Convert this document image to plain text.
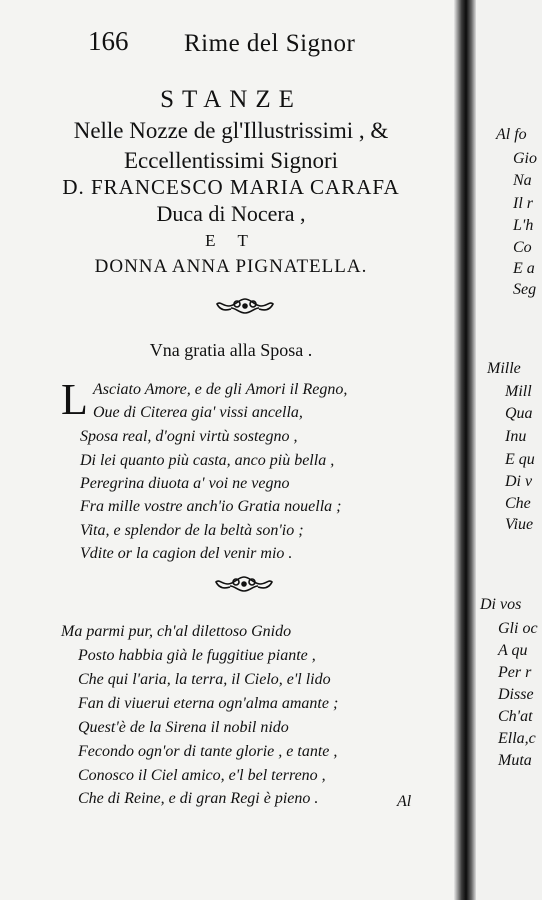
166 Rime del Signor
STANZE
Nelle Nozze de gl'Illustrissimi , &
Eccellentissimi Signori
D. FRANCESCO MARIA CARAFA
Duca di Nocera ,
E T
DONNA ANNA PIGNATELLA.
Vna gratia alla Sposa .
L Asciato Amore, e de gli Amori il Regno,
Oue di Citerea gia' vissi ancella,
Sposa real, d'ogni virtù sostegno ,
Di lei quanto più casta, anco più bella ,
Peregrina diuota a' voi ne vegno
Fra mille vostre anch'io Gratia nouella ;
Vita, e splendor de la beltà son'io ;
Vdite or la cagion del venir mio .
Ma parmi pur, ch'al dilettoso Gnido
Posto habbia già le fuggitiue piante ,
Che qui l'aria, la terra, il Cielo, e'l lido
Fan di viuerui eterna ogn'alma amante ;
Quest'è de la Sirena il nobil nido
Fecondo ogn'or di tante glorie , e tante ,
Conosco il Ciel amico, e'l bel terreno ,
Che di Reine, e di gran Regi è pieno .	Al
Al fo
Gio
Na
Il r
L'h
Co
E a
Seg
Mille
Mill
Qua
Inu
E qu
Di v
Che
Viue
Di vos
Gli oc
A qu
Per r
Disse
Ch'at
Ella,c
Muta
